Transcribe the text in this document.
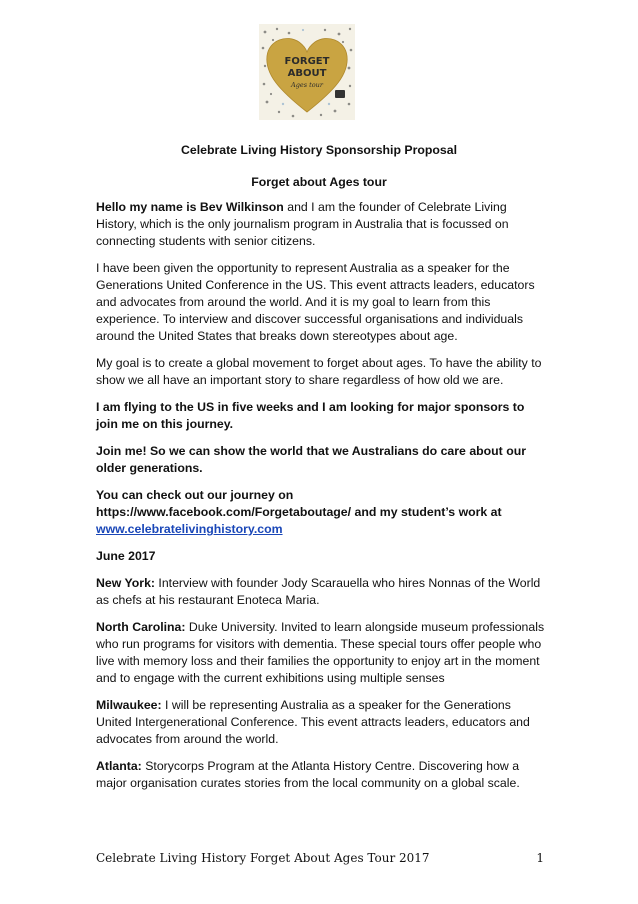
FORGET
ABOUT
Ages tour
Celebrate Living History Sponsorship Proposal
Forget about Ages tour

Hello my name is Bev Wilkinson and I am the founder of Celebrate Living History, which is the only journalism program in Australia that is focussed on connecting students with senior citizens.

I have been given the opportunity to represent Australia as a speaker for the Generations United Conference in the US. This event attracts leaders, educators and advocates from around the world. And it is my goal to learn from this experience. To interview and discover successful organisations and individuals around the United States that breaks down stereotypes about age.

My goal is to create a global movement to forget about ages. To have the ability to show we all have an important story to share regardless of how old we are.

I am flying to the US in five weeks and I am looking for major sponsors to join me on this journey.

Join me! So we can show the world that we Australians do care about our older generations.

You can check out our journey on https://www.facebook.com/Forgetaboutage/ and my student’s work at
www.celebratelivinghistory.com

June 2017

New York: Interview with founder Jody Scarauella who hires Nonnas of the World as chefs at his restaurant Enoteca Maria.

North Carolina: Duke University. Invited to learn alongside museum professionals who run programs for visitors with dementia. These special tours offer people who live with memory loss and their families the opportunity to enjoy art in the moment and to engage with the current exhibitions using multiple senses

Milwaukee: I will be representing Australia as a speaker for the Generations United Intergenerational Conference. This event attracts leaders, educators and advocates from around the world.

Atlanta: Storycorps Program at the Atlanta History Centre. Discovering how a major organisation curates stories from the local community on a global scale.

Celebrate Living History Forget About Ages Tour 2017	1
